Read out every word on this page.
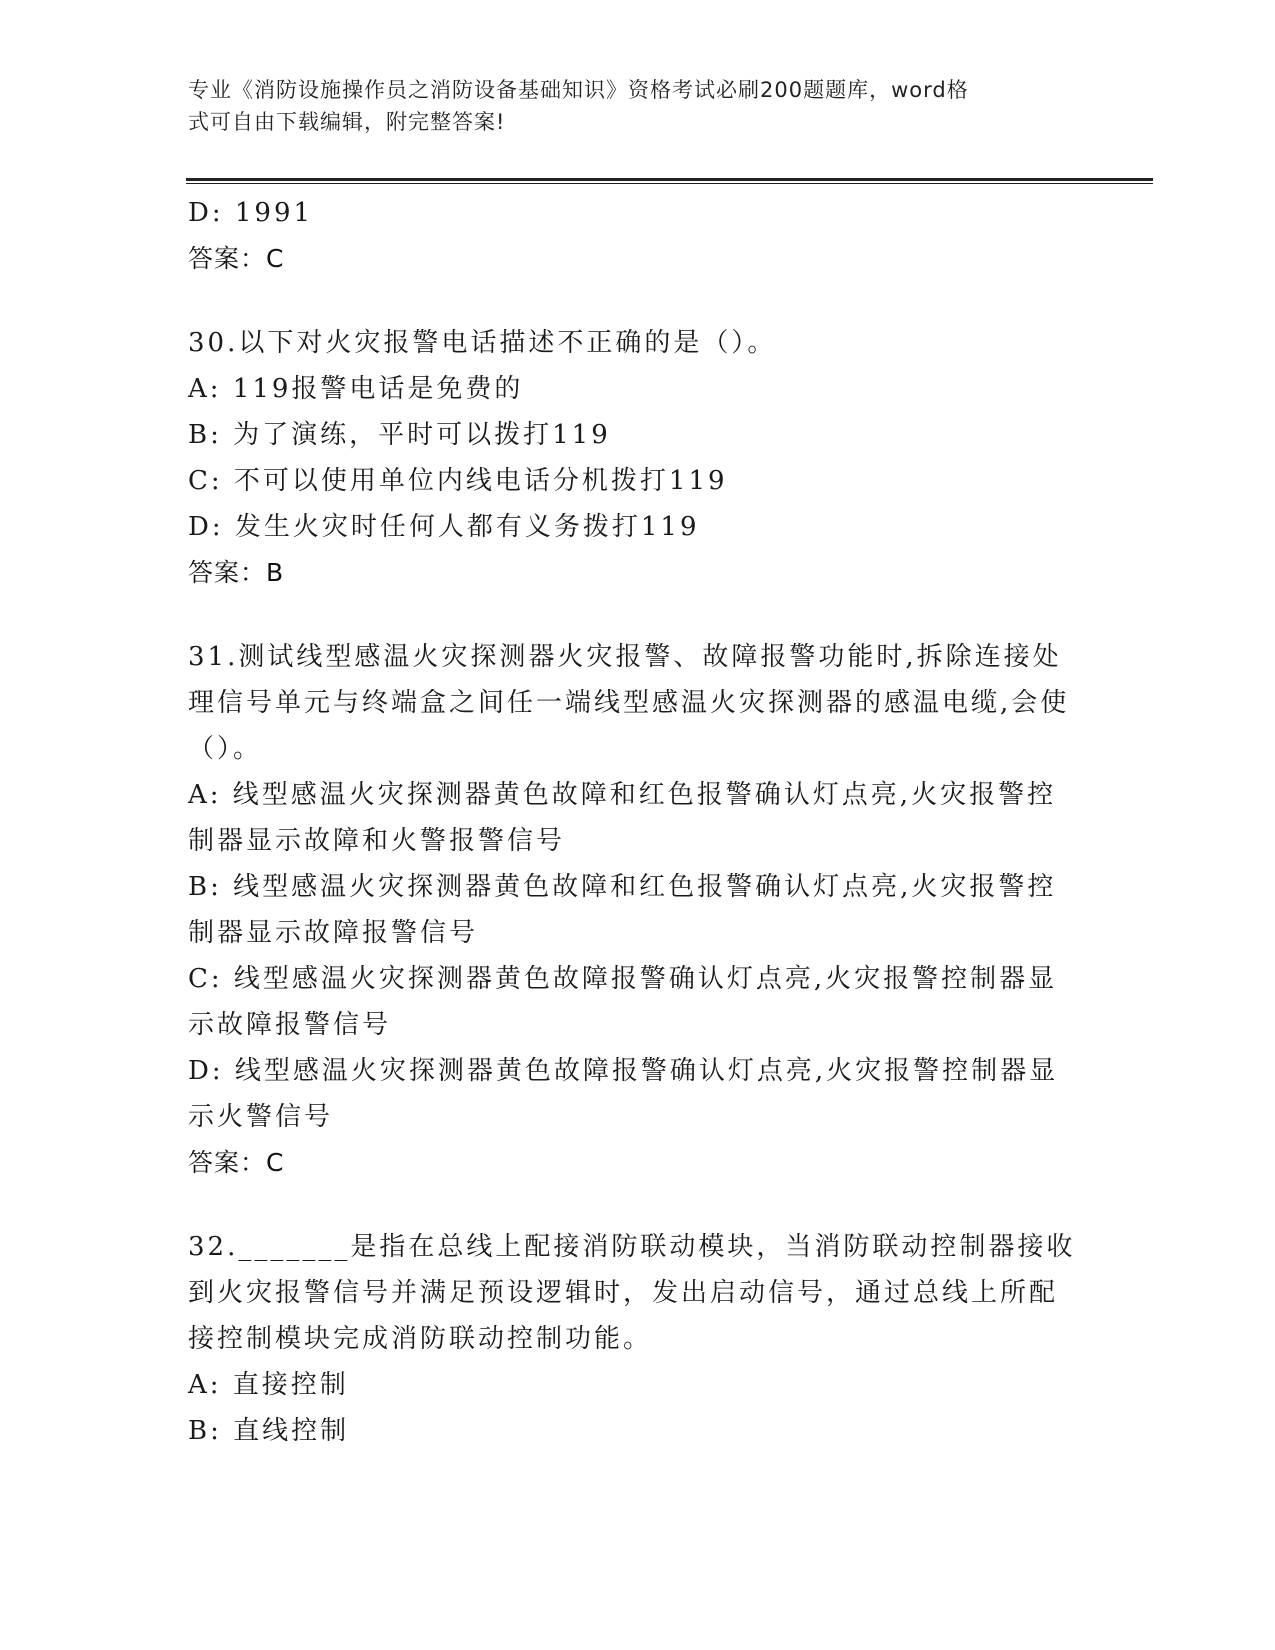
专业《消防设施操作员之消防设备基础知识》资格考试必刷200题题库，word格
式可自由下载编辑，附完整答案!

D: 1991

答案：C

30.以下对火灾报警电话描述不正确的是（）。

A: 119报警电话是免费的

B: 为了演练，平时可以拨打119

C: 不可以使用单位内线电话分机拨打119

D: 发生火灾时任何人都有义务拨打119

答案：B

31.测试线型感温火灾探测器火灾报警、故障报警功能时,拆除连接处

理信号单元与终端盒之间任一端线型感温火灾探测器的感温电缆,会使

（）。

A: 线型感温火灾探测器黄色故障和红色报警确认灯点亮,火灾报警控

制器显示故障和火警报警信号

B: 线型感温火灾探测器黄色故障和红色报警确认灯点亮,火灾报警控

制器显示故障报警信号

C: 线型感温火灾探测器黄色故障报警确认灯点亮,火灾报警控制器显

示故障报警信号

D: 线型感温火灾探测器黄色故障报警确认灯点亮,火灾报警控制器显

示火警信号

答案：C

32._______是指在总线上配接消防联动模块，当消防联动控制器接收

到火灾报警信号并满足预设逻辑时，发出启动信号，通过总线上所配

接控制模块完成消防联动控制功能。

A: 直接控制

B: 直线控制
